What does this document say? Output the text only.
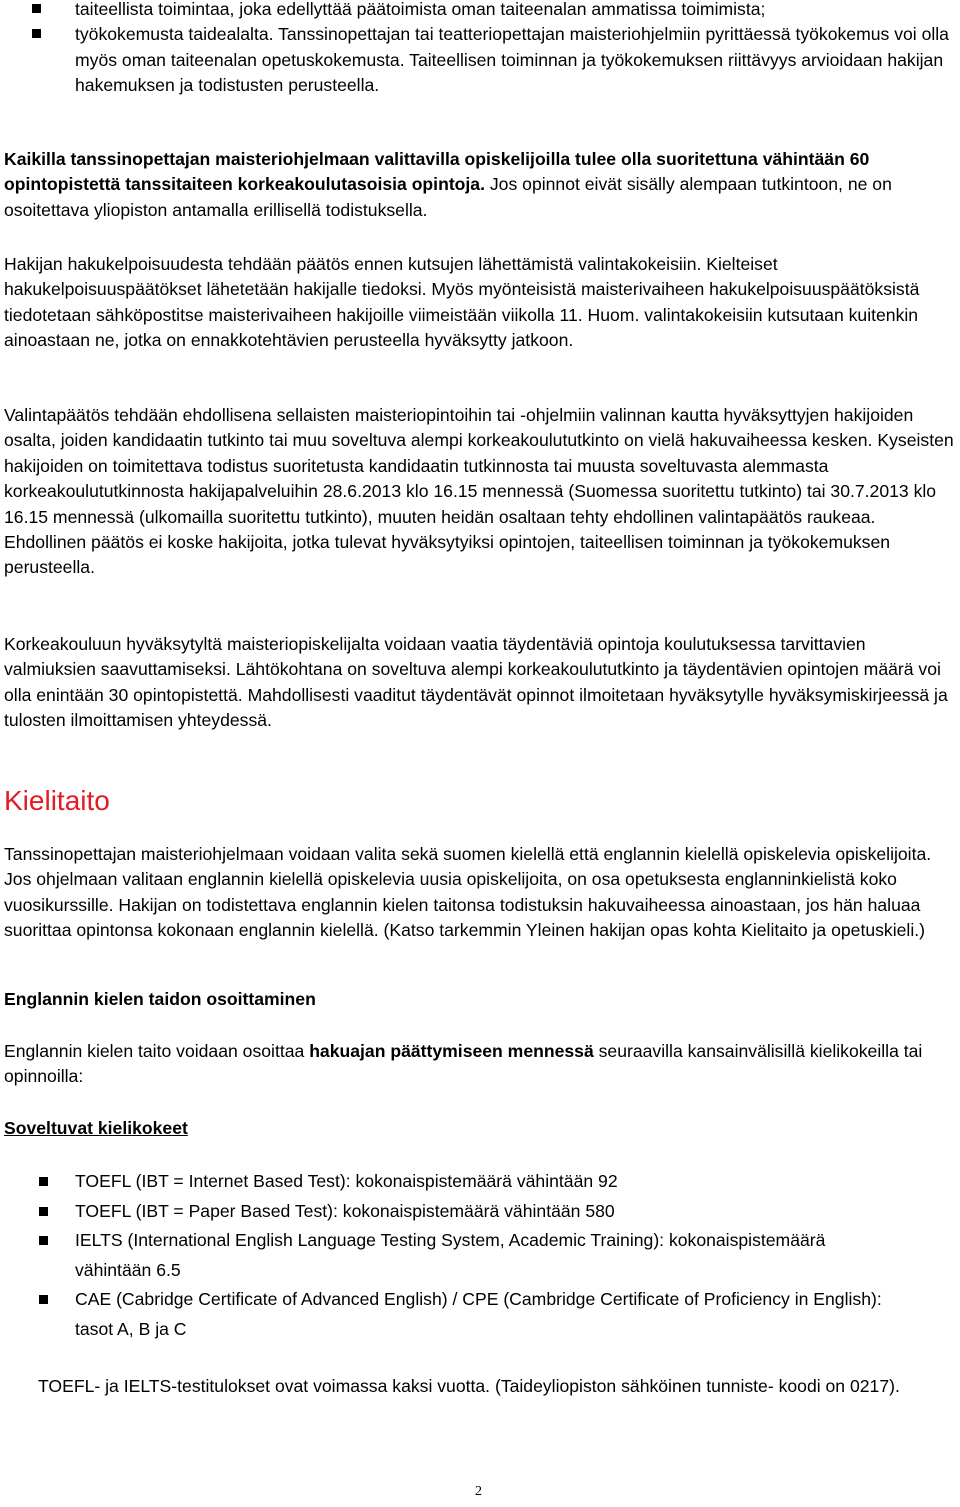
taiteellista toimintaa, joka edellyttää päätoimista oman taiteenalan ammatissa toimimista;
työkokemusta taidealalta. Tanssinopettajan tai teatteriopettajan maisteriohjelmiin pyrittäessä työkokemus voi olla myös oman taiteenalan opetuskokemusta. Taiteellisen toiminnan ja työkokemuksen riittävyys arvioidaan hakijan hakemuksen ja todistusten perusteella.

Kaikilla tanssinopettajan maisteriohjelmaan valittavilla opiskelijoilla tulee olla suoritettuna vähintään 60 opintopistettä tanssitaiteen korkeakoulutasoisia opintoja. Jos opinnot eivät sisälly alempaan tutkintoon, ne on osoitettava yliopiston antamalla erillisellä todistuksella.

Hakijan hakukelpoisuudesta tehdään päätös ennen kutsujen lähettämistä valintakokeisiin. Kielteiset hakukelpoisuuspäätökset lähetetään hakijalle tiedoksi. Myös myönteisistä maisterivaiheen hakukelpoisuuspäätöksistä tiedotetaan sähköpostitse maisterivaiheen hakijoille viimeistään viikolla 11. Huom. valintakokeisiin kutsutaan kuitenkin ainoastaan ne, jotka on ennakkotehtävien perusteella hyväksytty jatkoon.

Valintapäätös tehdään ehdollisena sellaisten maisteriopintoihin tai -ohjelmiin valinnan kautta hyväksyttyjen hakijoiden osalta, joiden kandidaatin tutkinto tai muu soveltuva alempi korkeakoulututkinto on vielä hakuvaiheessa kesken. Kyseisten hakijoiden on toimitettava todistus suoritetusta kandidaatin tutkinnosta tai muusta soveltuvasta alemmasta korkeakoulututkinnosta hakijapalveluihin 28.6.2013 klo 16.15 mennessä (Suomessa suoritettu tutkinto) tai 30.7.2013 klo 16.15 mennessä (ulkomailla suoritettu tutkinto), muuten heidän osaltaan tehty ehdollinen valintapäätös raukeaa. Ehdollinen päätös ei koske hakijoita, jotka tulevat hyväksytyiksi opintojen, taiteellisen toiminnan ja työkokemuksen perusteella.

Korkeakouluun hyväksytyltä maisteriopiskelijalta voidaan vaatia täydentäviä opintoja koulutuksessa tarvittavien valmiuksien saavuttamiseksi. Lähtökohtana on soveltuva alempi korkeakoulututkinto ja täydentävien opintojen määrä voi olla enintään 30 opintopistettä. Mahdollisesti vaaditut täydentävät opinnot ilmoitetaan hyväksytylle hyväksymiskirjeessä ja tulosten ilmoittamisen yhteydessä.

Kielitaito

Tanssinopettajan maisteriohjelmaan voidaan valita sekä suomen kielellä että englannin kielellä opiskelevia opiskelijoita. Jos ohjelmaan valitaan englannin kielellä opiskelevia uusia opiskelijoita, on osa opetuksesta englanninkielistä koko vuosikurssille. Hakijan on todistettava englannin kielen taitonsa todistuksin hakuvaiheessa ainoastaan, jos hän haluaa suorittaa opintonsa kokonaan englannin kielellä. (Katso tarkemmin Yleinen hakijan opas kohta Kielitaito ja opetuskieli.)

Englannin kielen taidon osoittaminen

Englannin kielen taito voidaan osoittaa hakuajan päättymiseen mennessä seuraavilla kansainvälisillä kielikokeilla tai opinnoilla:

Soveltuvat kielikokeet

TOEFL (IBT = Internet Based Test): kokonaispistemäärä vähintään 92
TOEFL (IBT = Paper Based Test): kokonaispistemäärä vähintään 580
IELTS (International English Language Testing System, Academic Training): kokonaispistemäärä vähintään 6.5
CAE (Cabridge Certificate of Advanced English) / CPE (Cambridge Certificate of Proficiency in English): tasot A, B ja C

TOEFL- ja IELTS-testitulokset ovat voimassa kaksi vuotta. (Taideyliopiston sähköinen tunniste- koodi on 0217).

2
